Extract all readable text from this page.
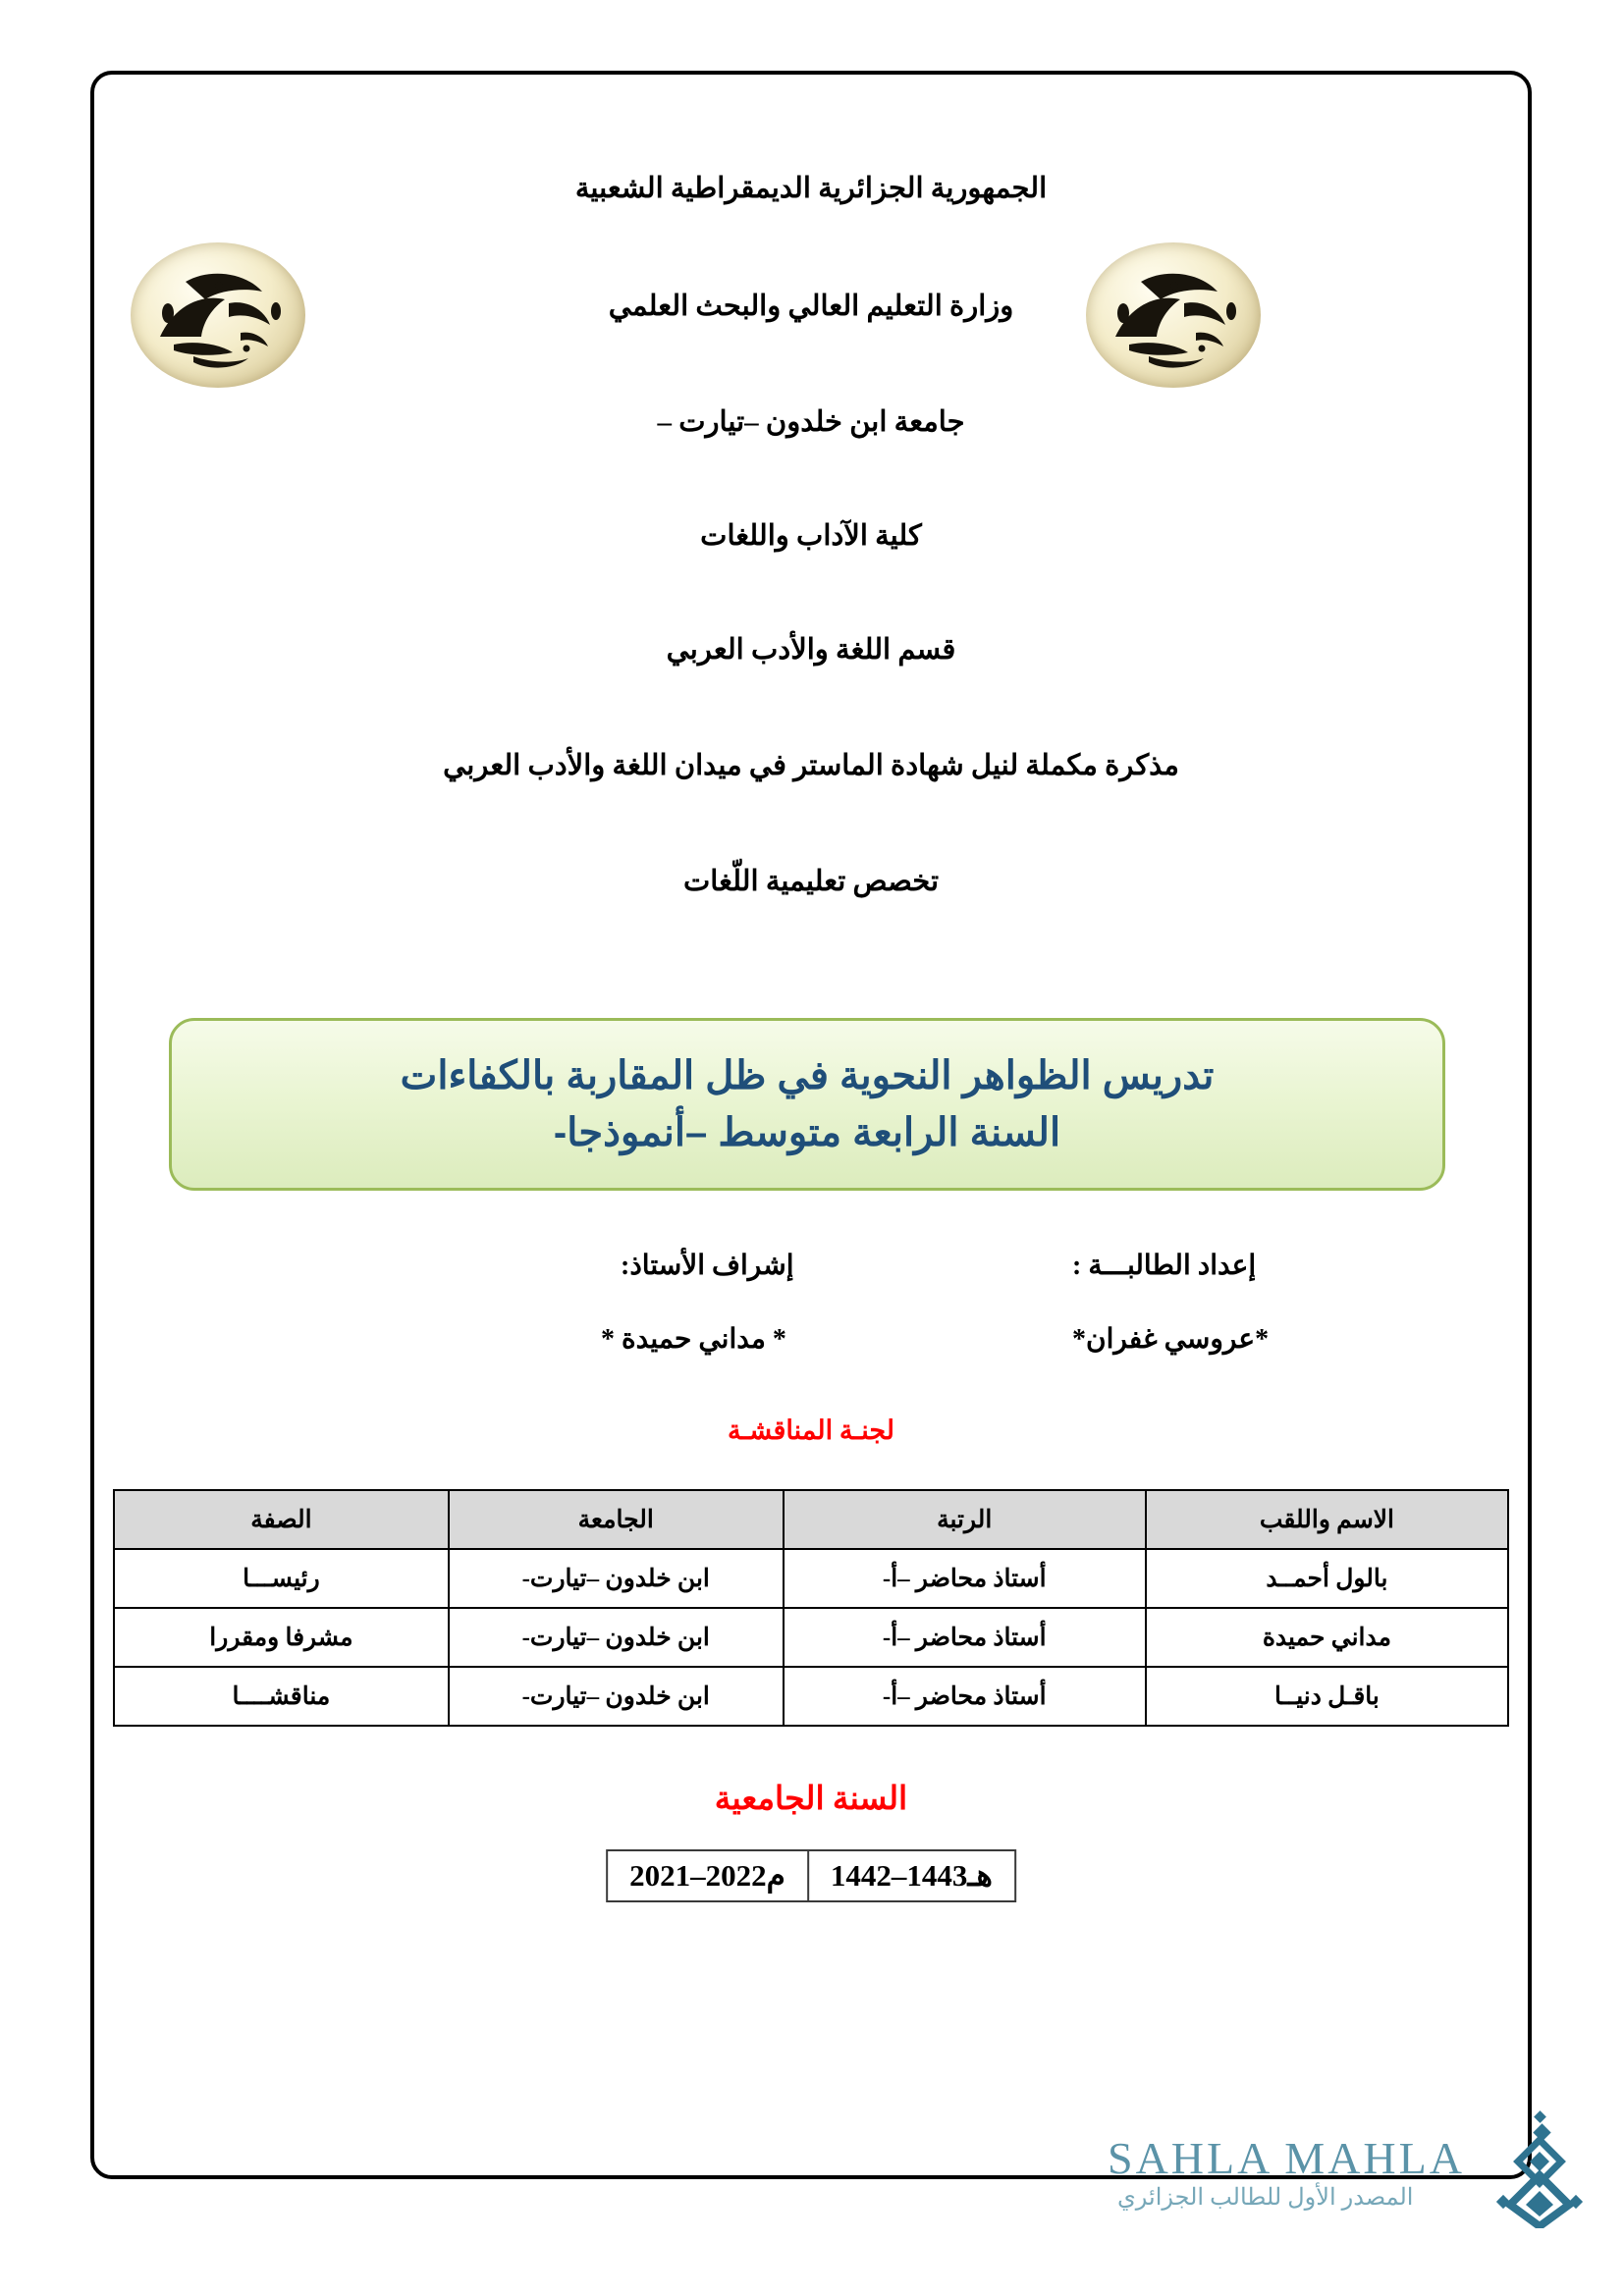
الجمهورية الجزائرية الديمقراطية الشعبية
وزارة التعليم العالي والبحث العلمي
جامعة ابن خلدون –تيارت –
كلية الآداب واللغات
قسم اللغة والأدب العربي
مذكرة مكملة لنيل شهادة الماستر في ميدان اللغة والأدب العربي
تخصص تعليمية اللّغات
تدريس الظواهر النحوية في ظل المقاربة بالكفاءات
السنة الرابعة متوسط –أنموذجا-
إعداد الطالبـــة :
إشراف الأستاذ:
*عروسي غفران*
* مداني حميدة *
لجنـة المناقشـة
الاسم واللقب	الرتبة	الجامعة	الصفة
بالول أحمــد	أستاذ محاضر –أ-	ابن خلدون –تيارت-	رئيســـا
مداني حميدة	أستاذ محاضر –أ-	ابن خلدون –تيارت-	مشرفا ومقررا
باقـل دنيــا	أستاذ محاضر –أ-	ابن خلدون –تيارت-	مناقشــــا
السنة الجامعية
2021–2022م	1442–1443هـ
SAHLA MAHLA
المصدر الأول للطالب الجزائري
